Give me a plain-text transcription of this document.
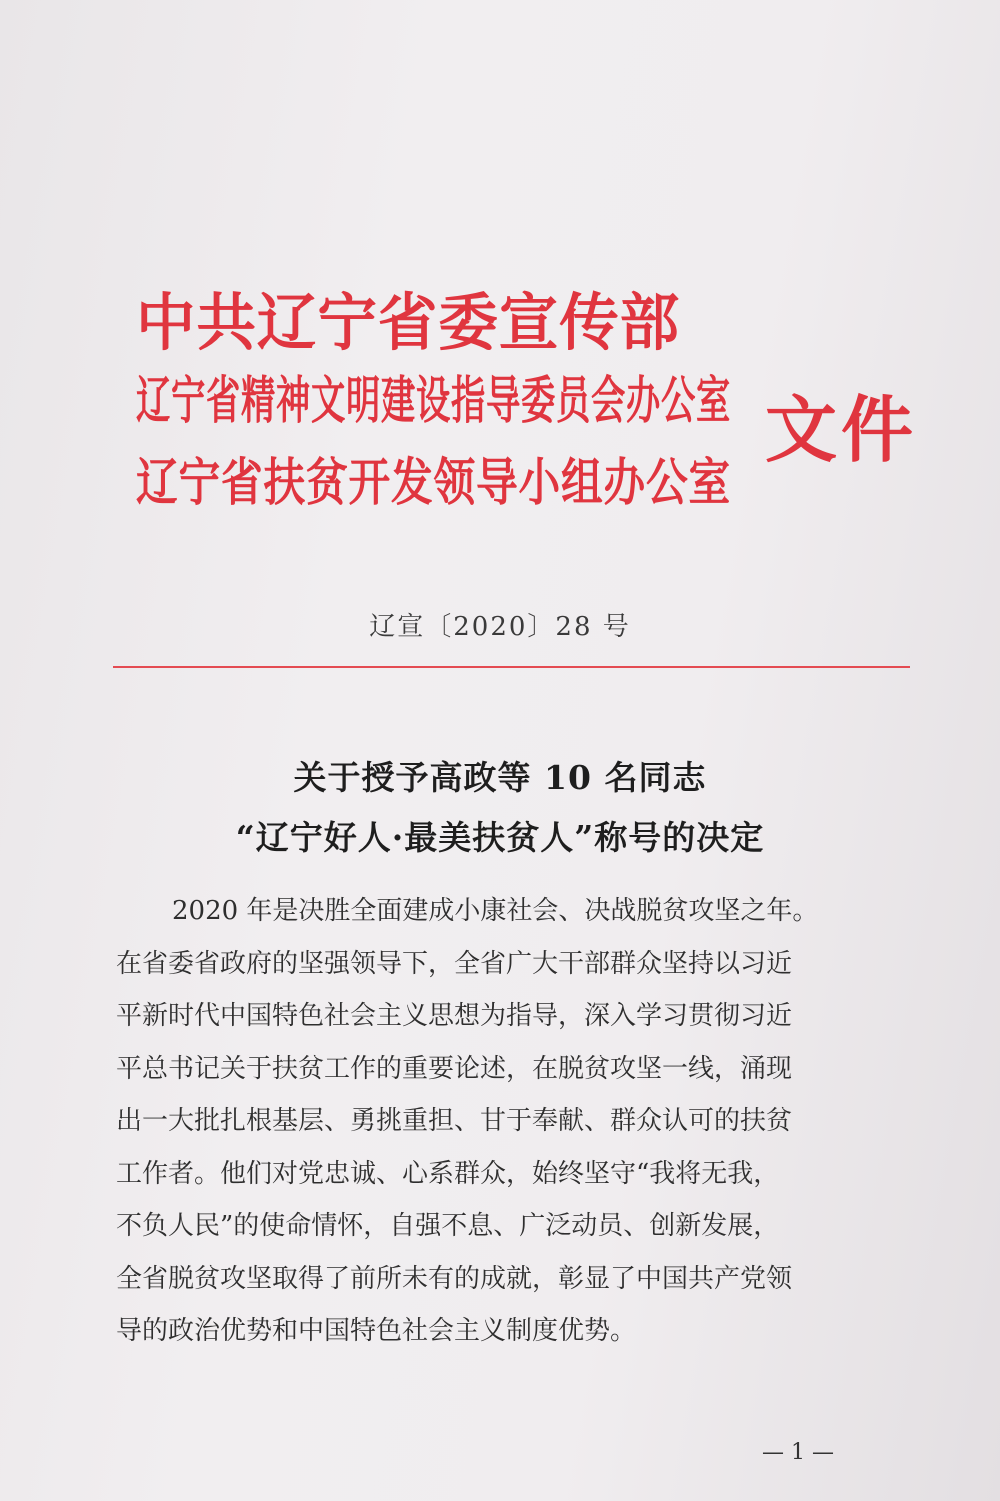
中共辽宁省委宣传部
辽宁省精神文明建设指导委员会办公室
辽宁省扶贫开发领导小组办公室
文件
辽宣〔2020〕28 号
关于授予高政等 10 名同志
“辽宁好人·最美扶贫人”称号的决定
2020 年是决胜全面建成小康社会、决战脱贫攻坚之年。
在省委省政府的坚强领导下，全省广大干部群众坚持以习近
平新时代中国特色社会主义思想为指导，深入学习贯彻习近
平总书记关于扶贫工作的重要论述，在脱贫攻坚一线，涌现
出一大批扎根基层、勇挑重担、甘于奉献、群众认可的扶贫
工作者。他们对党忠诚、心系群众，始终坚守“我将无我，
不负人民”的使命情怀，自强不息、广泛动员、创新发展，
全省脱贫攻坚取得了前所未有的成就，彰显了中国共产党领
导的政治优势和中国特色社会主义制度优势。
— 1 —
